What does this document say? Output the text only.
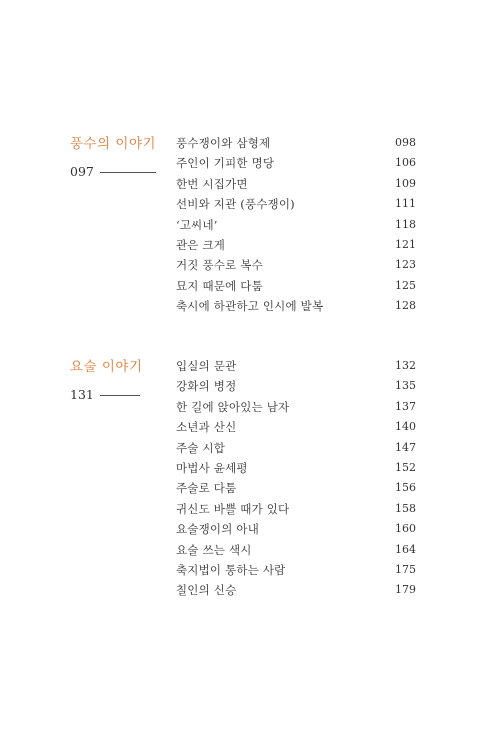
풍수의 이야기
097
풍수쟁이와 삼형제	098
주인이 기피한 명당	106
한번 시집가면	109
선비와 지관 (풍수쟁이)	111
‘고씨네’	118
관은 크게	121
거짓 풍수로 복수	123
묘지 때문에 다툼	125
축시에 하관하고 인시에 발복	128
요술 이야기
131
입실의 문관	132
강화의 병정	135
한 길에 앉아있는 남자	137
소년과 산신	140
주술 시합	147
마법사 윤세평	152
주술로 다툼	156
귀신도 바쁠 때가 있다	158
요술쟁이의 아내	160
요술 쓰는 색시	164
축지법이 통하는 사람	175
칠인의 신승	179
